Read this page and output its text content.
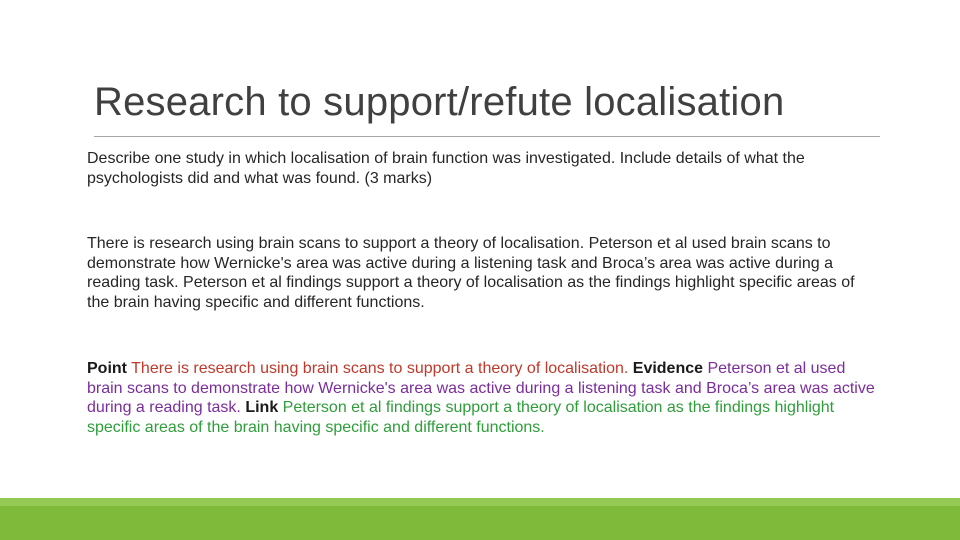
Research to support/refute localisation

Describe one study in which localisation of brain function was investigated. Include details of what the psychologists did and what was found. (3 marks)

There is research using brain scans to support a theory of localisation. Peterson et al used brain scans to demonstrate how Wernicke's area was active during a listening task and Broca’s area was active during a reading task. Peterson et al findings support a theory of localisation as the findings highlight specific areas of the brain having specific and different functions.

Point There is research using brain scans to support a theory of localisation. Evidence Peterson et al used brain scans to demonstrate how Wernicke's area was active during a listening task and Broca’s area was active during a reading task. Link Peterson et al findings support a theory of localisation as the findings highlight specific areas of the brain having specific and different functions.
